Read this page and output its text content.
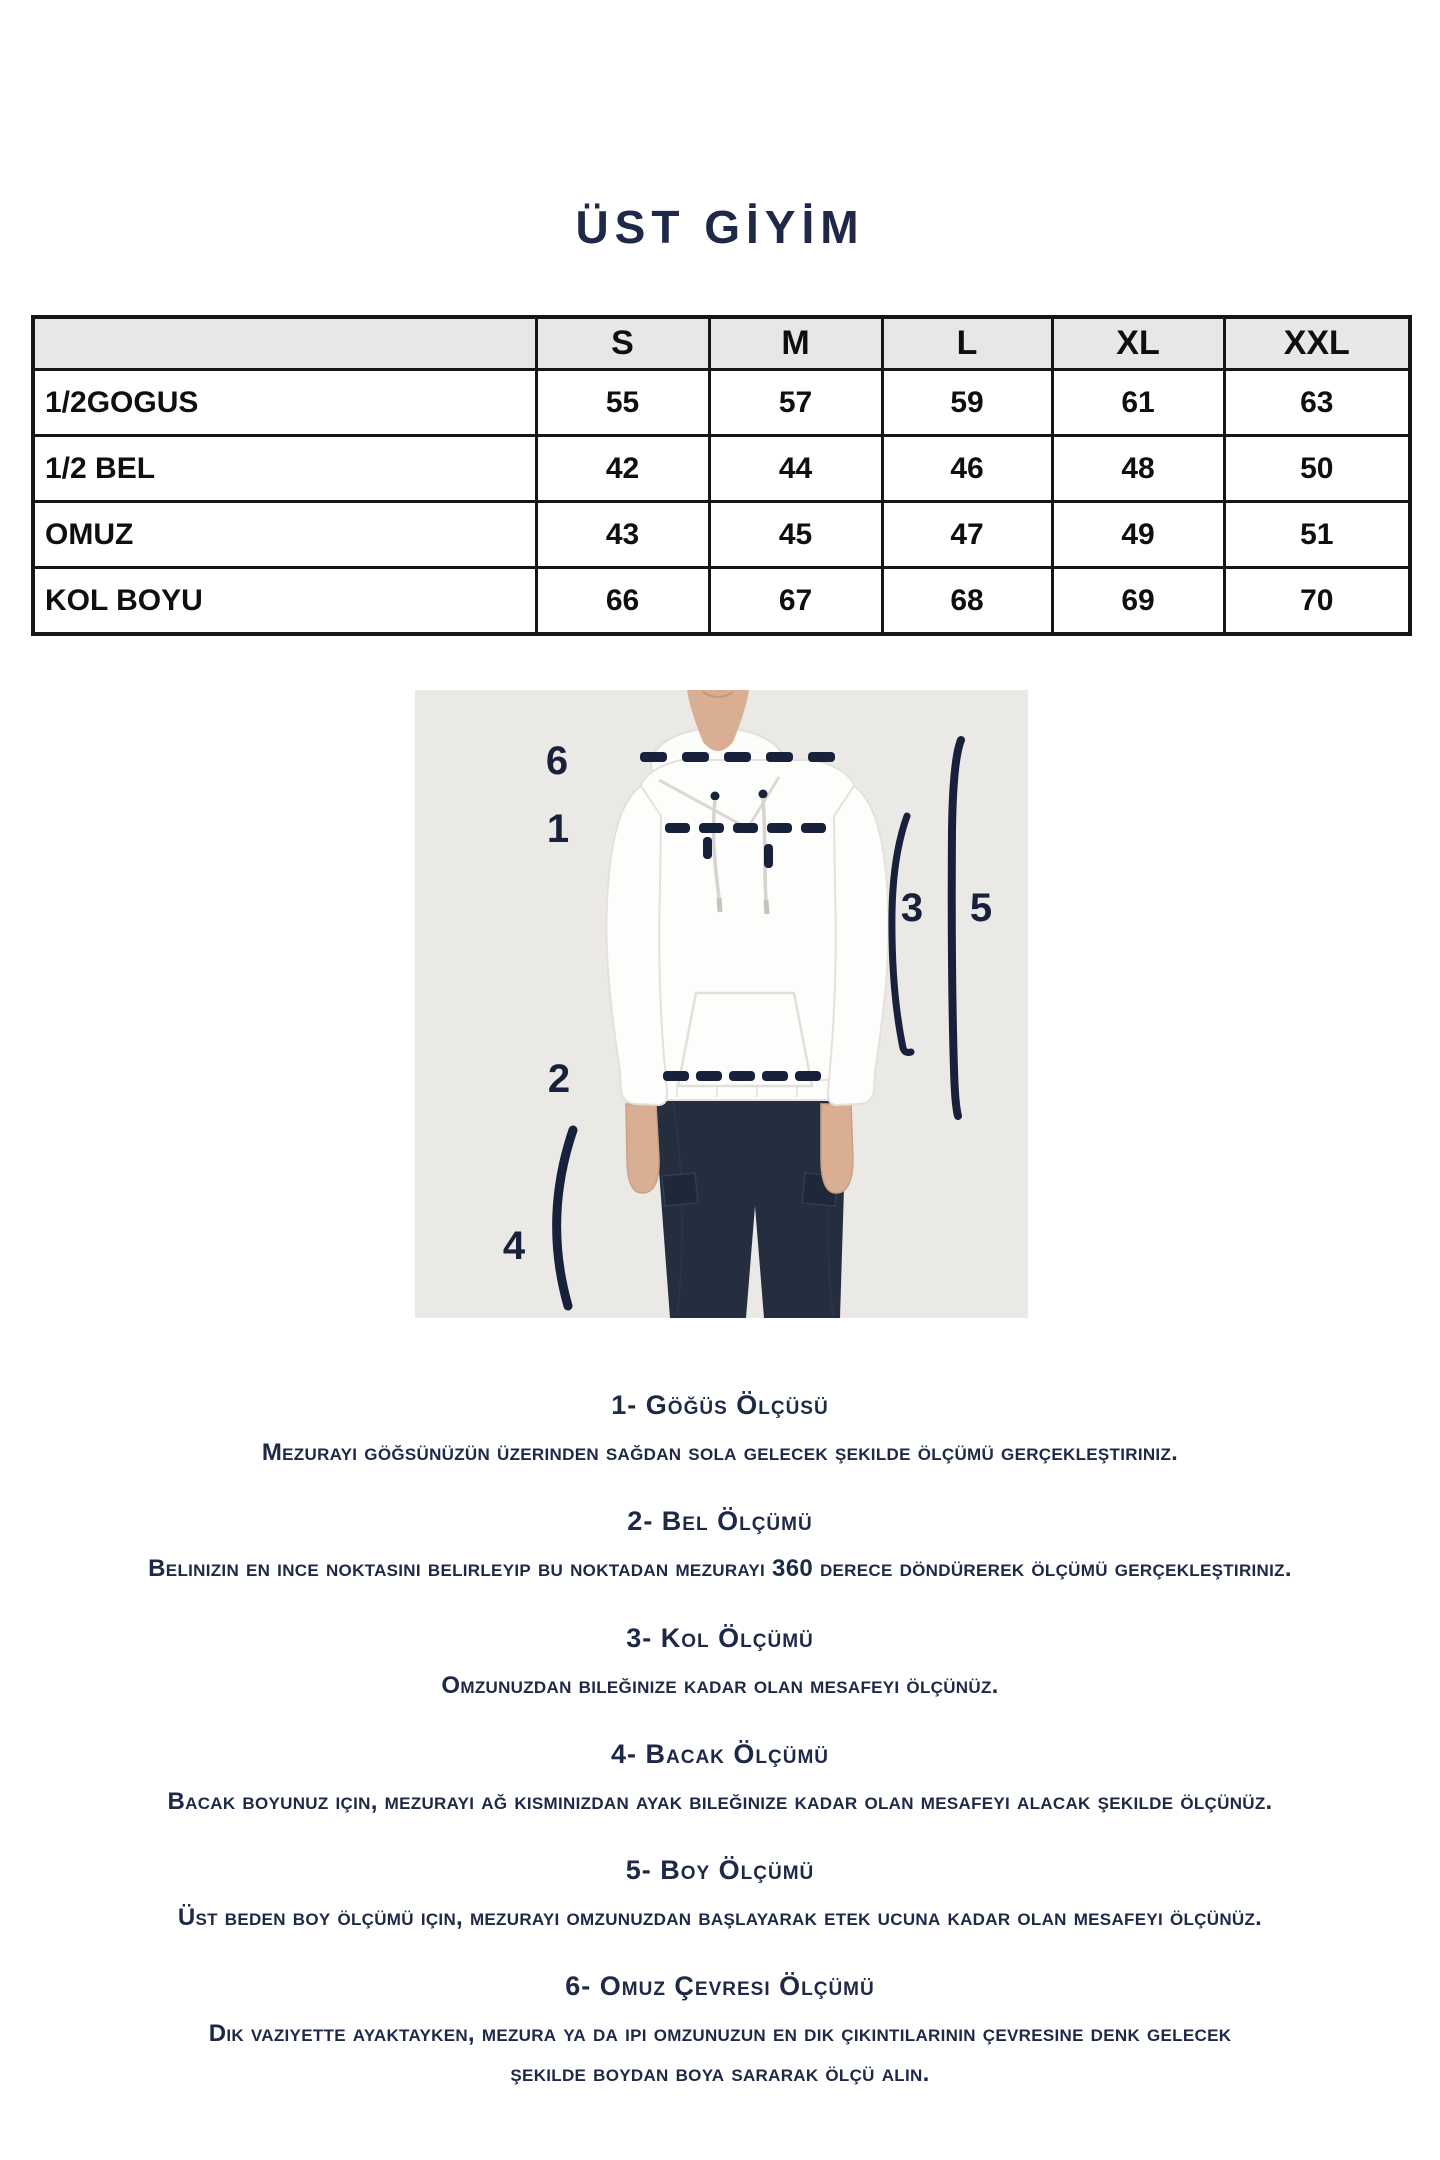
ÜST GİYİM
	S	M	L	XL	XXL
1/2GOGUS	55	57	59	61	63
1/2 BEL	42	44	46	48	50
OMUZ	43	45	47	49	51
KOL BOYU	66	67	68	69	70
6
1
2
3 5
4
1- Göğüs Ölçüsü
Mezurayı göğsünüzün üzerinden sağdan sola gelecek şekilde ölçümü gerçekleştiriniz.
2- Bel Ölçümü
Belinizin en ince noktasını belirleyip bu noktadan mezurayı 360 derece döndürerek ölçümü gerçekleştiriniz.
3- Kol Ölçümü
Omzunuzdan bileğinize kadar olan mesafeyi ölçünüz.
4- Bacak Ölçümü
Bacak boyunuz için, mezurayı ağ kısmınızdan ayak bileğinize kadar olan mesafeyi alacak şekilde ölçünüz.
5- Boy Ölçümü
Üst beden boy ölçümü için, mezurayı omzunuzdan başlayarak etek ucuna kadar olan mesafeyi ölçünüz.
6- Omuz Çevresi Ölçümü
Dik vaziyette ayaktayken, mezura ya da ipi omzunuzun en dik çıkıntılarının çevresine denk gelecek şekilde boydan boya sararak ölçü alın.
